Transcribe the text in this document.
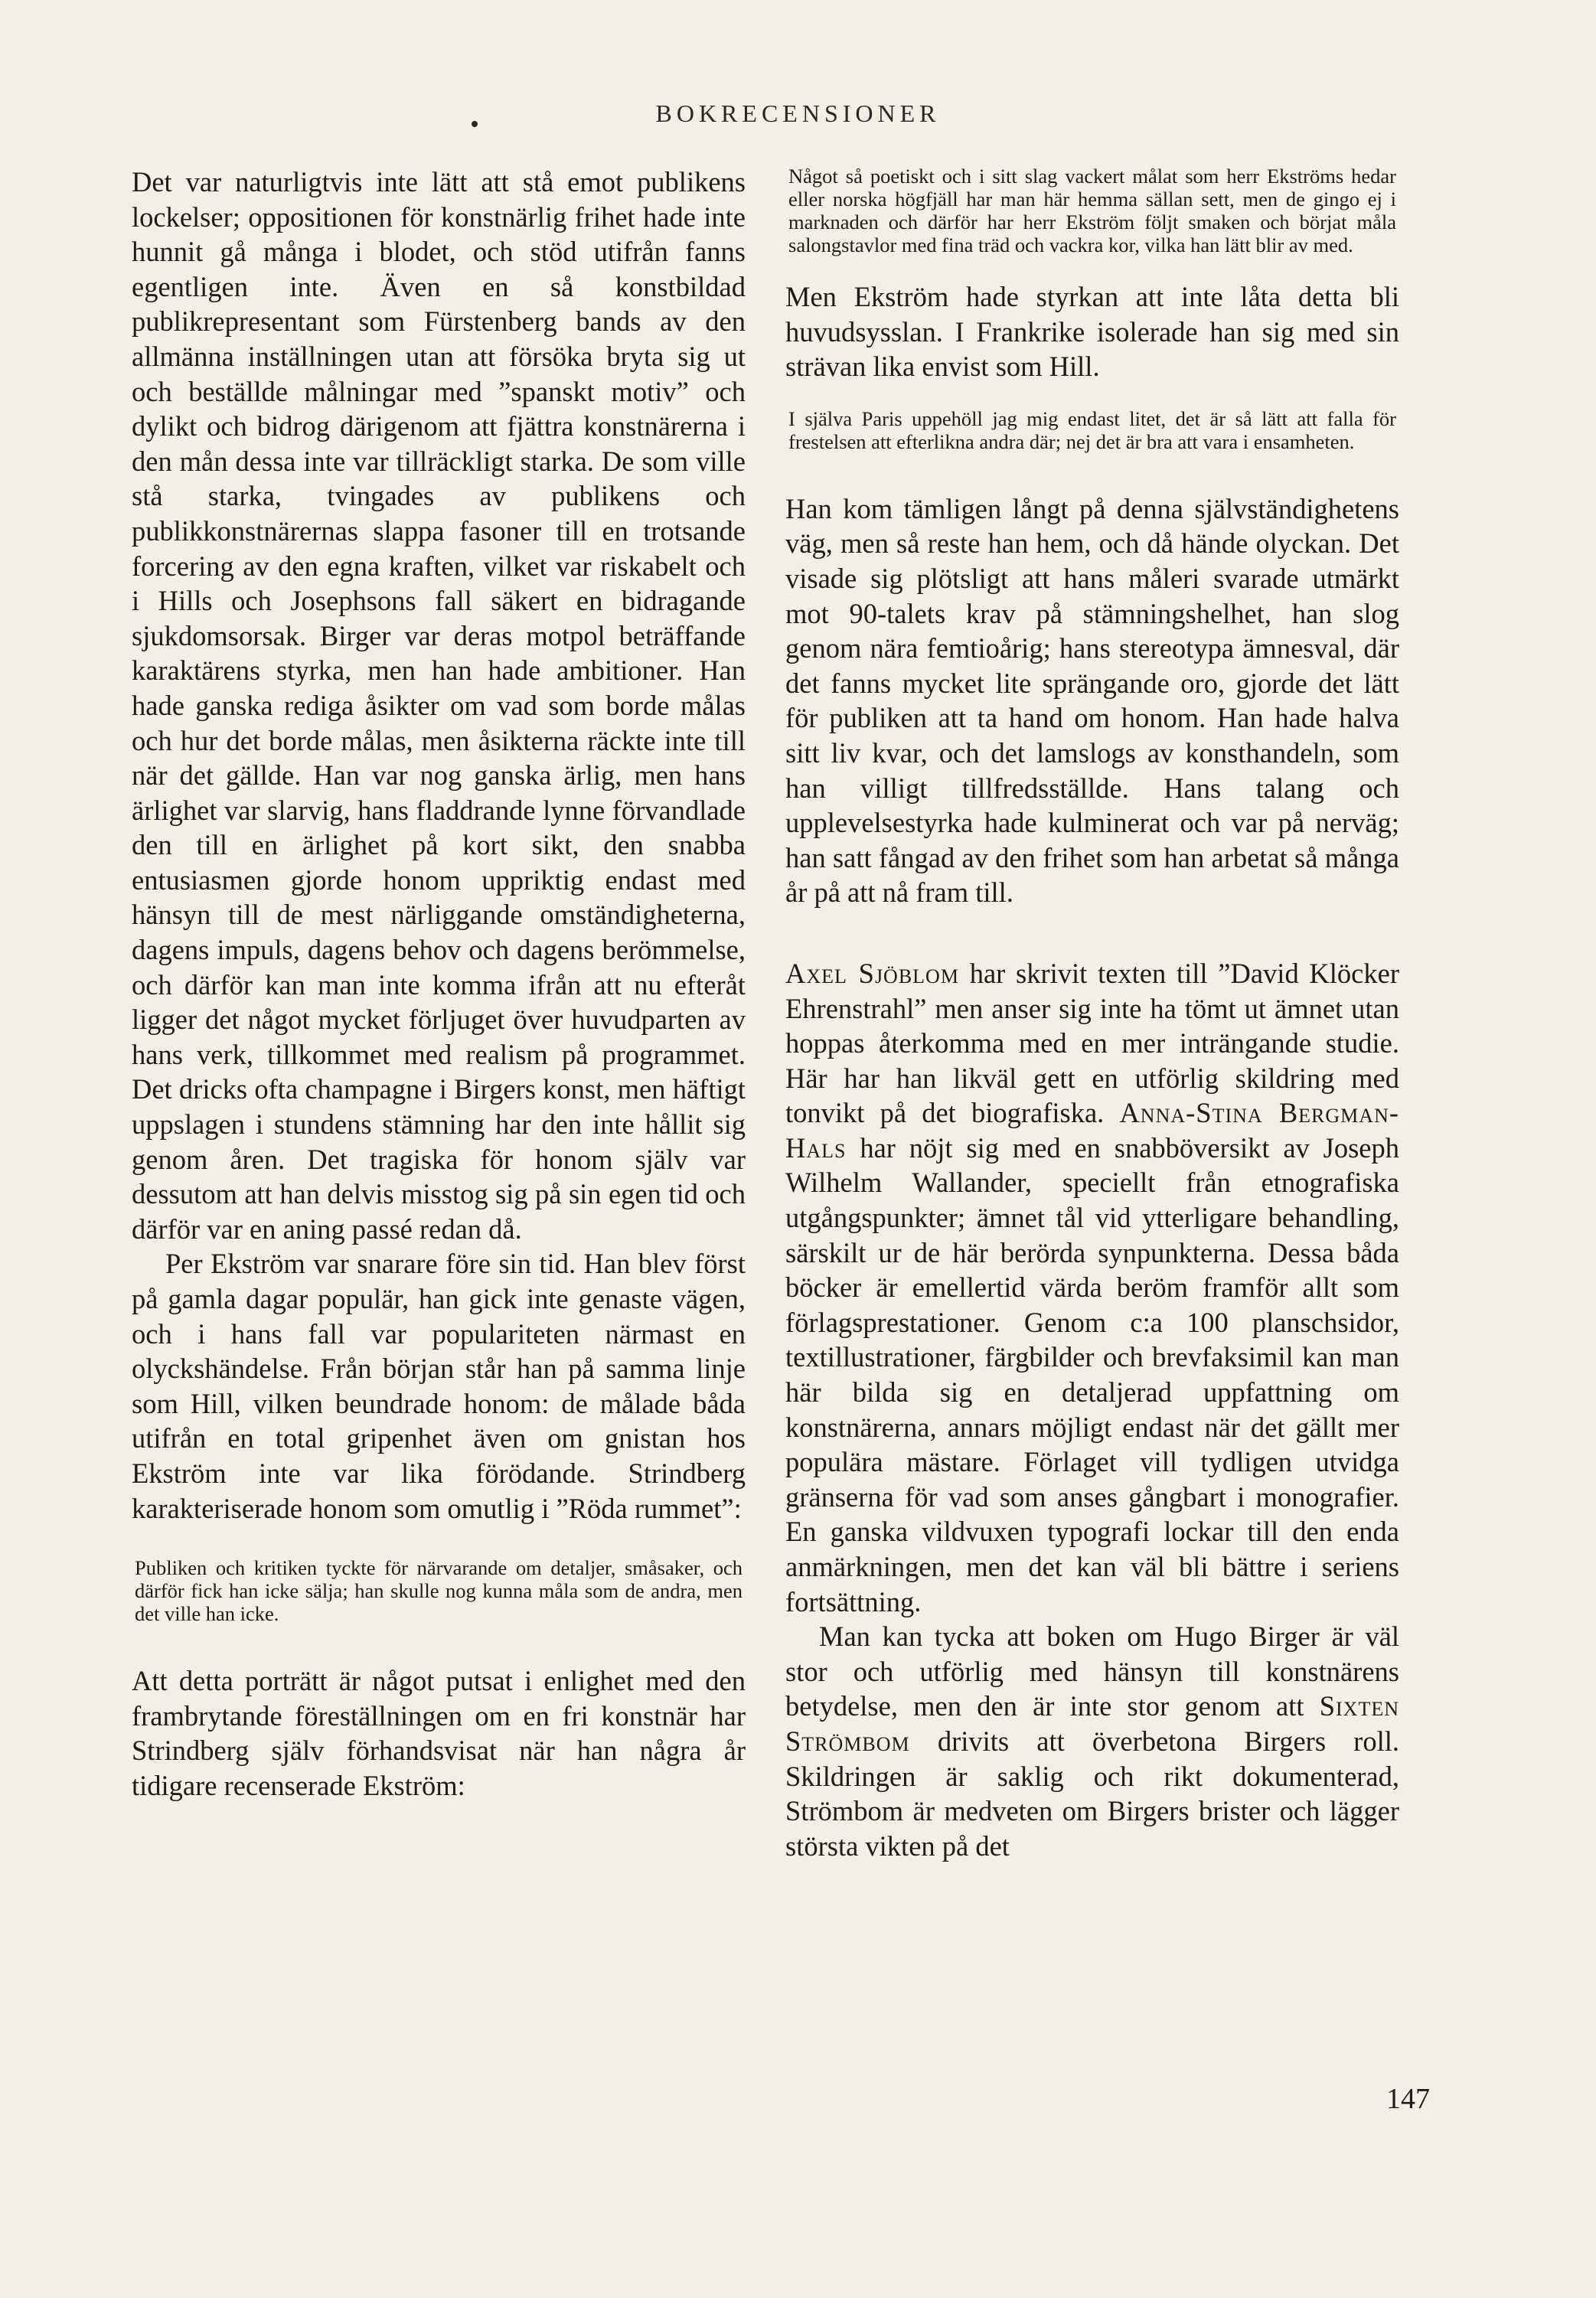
BOKRECENSIONER

Det var naturligtvis inte lätt att stå emot publikens lockelser; oppositionen för konstnärlig frihet hade inte hunnit gå många i blodet, och stöd utifrån fanns egentligen inte. Även en så konstbildad publikrepresentant som Fürstenberg bands av den allmänna inställningen utan att försöka bryta sig ut och beställde målningar med ”spanskt motiv” och dylikt och bidrog därigenom att fjättra konstnärerna i den mån dessa inte var tillräckligt starka. De som ville stå starka, tvingades av publikens och publikkonstnärernas slappa fasoner till en trotsande forcering av den egna kraften, vilket var riskabelt och i Hills och Josephsons fall säkert en bidragande sjukdomsorsak. Birger var deras motpol beträffande karaktärens styrka, men han hade ambitioner. Han hade ganska rediga åsikter om vad som borde målas och hur det borde målas, men åsikterna räckte inte till när det gällde. Han var nog ganska ärlig, men hans ärlighet var slarvig, hans fladdrande lynne förvandlade den till en ärlighet på kort sikt, den snabba entusiasmen gjorde honom uppriktig endast med hänsyn till de mest närliggande omständigheterna, dagens impuls, dagens behov och dagens berömmelse, och därför kan man inte komma ifrån att nu efteråt ligger det något mycket förljuget över huvudparten av hans verk, tillkommet med realism på programmet. Det dricks ofta champagne i Birgers konst, men häftigt uppslagen i stundens stämning har den inte hållit sig genom åren. Det tragiska för honom själv var dessutom att han delvis misstog sig på sin egen tid och därför var en aning passé redan då.

Per Ekström var snarare före sin tid. Han blev först på gamla dagar populär, han gick inte genaste vägen, och i hans fall var populariteten närmast en olyckshändelse. Från början står han på samma linje som Hill, vilken beundrade honom: de målade båda utifrån en total gripenhet även om gnistan hos Ekström inte var lika förödande. Strindberg karakteriserade honom som omutlig i ”Röda rummet”:

Publiken och kritiken tyckte för närvarande om detaljer, småsaker, och därför fick han icke sälja; han skulle nog kunna måla som de andra, men det ville han icke.

Att detta porträtt är något putsat i enlighet med den frambrytande föreställningen om en fri konstnär har Strindberg själv förhandsvisat när han några år tidigare recenserade Ekström:

Något så poetiskt och i sitt slag vackert målat som herr Ekströms hedar eller norska högfjäll har man här hemma sällan sett, men de gingo ej i marknaden och därför har herr Ekström följt smaken och börjat måla salongstavlor med fina träd och vackra kor, vilka han lätt blir av med.

Men Ekström hade styrkan att inte låta detta bli huvudsysslan. I Frankrike isolerade han sig med sin strävan lika envist som Hill.

I själva Paris uppehöll jag mig endast litet, det är så lätt att falla för frestelsen att efterlikna andra där; nej det är bra att vara i ensamheten.

Han kom tämligen långt på denna självständighetens väg, men så reste han hem, och då hände olyckan. Det visade sig plötsligt att hans måleri svarade utmärkt mot 90-talets krav på stämningshelhet, han slog genom nära femtioårig; hans stereotypa ämnesval, där det fanns mycket lite sprängande oro, gjorde det lätt för publiken att ta hand om honom. Han hade halva sitt liv kvar, och det lamslogs av konsthandeln, som han villigt tillfredsställde. Hans talang och upplevelsestyrka hade kulminerat och var på nerväg; han satt fångad av den frihet som han arbetat så många år på att nå fram till.

Axel Sjöblom har skrivit texten till ”David Klöcker Ehrenstrahl” men anser sig inte ha tömt ut ämnet utan hoppas återkomma med en mer inträngande studie. Här har han likväl gett en utförlig skildring med tonvikt på det biografiska. Anna-Stina Bergman-Hals har nöjt sig med en snabböversikt av Joseph Wilhelm Wallander, speciellt från etnografiska utgångspunkter; ämnet tål vid ytterligare behandling, särskilt ur de här berörda synpunkterna. Dessa båda böcker är emellertid värda beröm framför allt som förlagsprestationer. Genom c:a 100 planschsidor, textillustrationer, färgbilder och brevfaksimil kan man här bilda sig en detaljerad uppfattning om konstnärerna, annars möjligt endast när det gällt mer populära mästare. Förlaget vill tydligen utvidga gränserna för vad som anses gångbart i monografier. En ganska vildvuxen typografi lockar till den enda anmärkningen, men det kan väl bli bättre i seriens fortsättning.

Man kan tycka att boken om Hugo Birger är väl stor och utförlig med hänsyn till konstnärens betydelse, men den är inte stor genom att Sixten Strömbom drivits att överbetona Birgers roll. Skildringen är saklig och rikt dokumenterad, Strömbom är medveten om Birgers brister och lägger största vikten på det

147
